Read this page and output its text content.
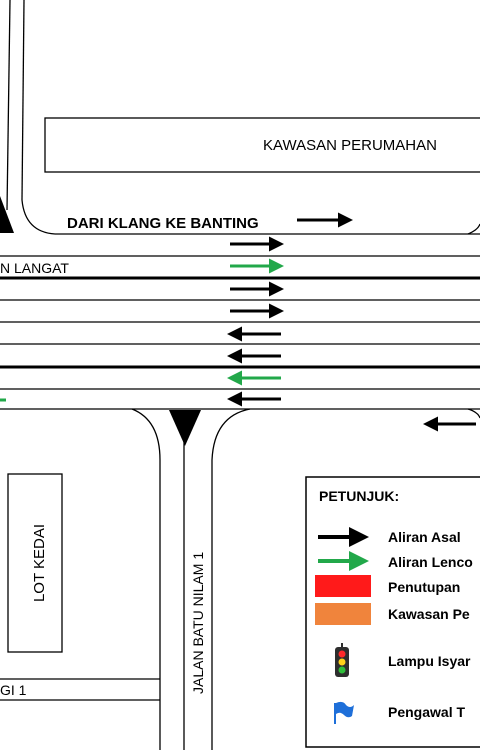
KAWASAN PERUMAHAN
DARI KLANG KE BANTING
N LANGAT
JALAN BATU NILAM 1
LOT KEDAI
GI 1
PETUNJUK:
Aliran Asal
Aliran Lenco
Penutupan
Kawasan Pe
Lampu Isyar
Pengawal T
